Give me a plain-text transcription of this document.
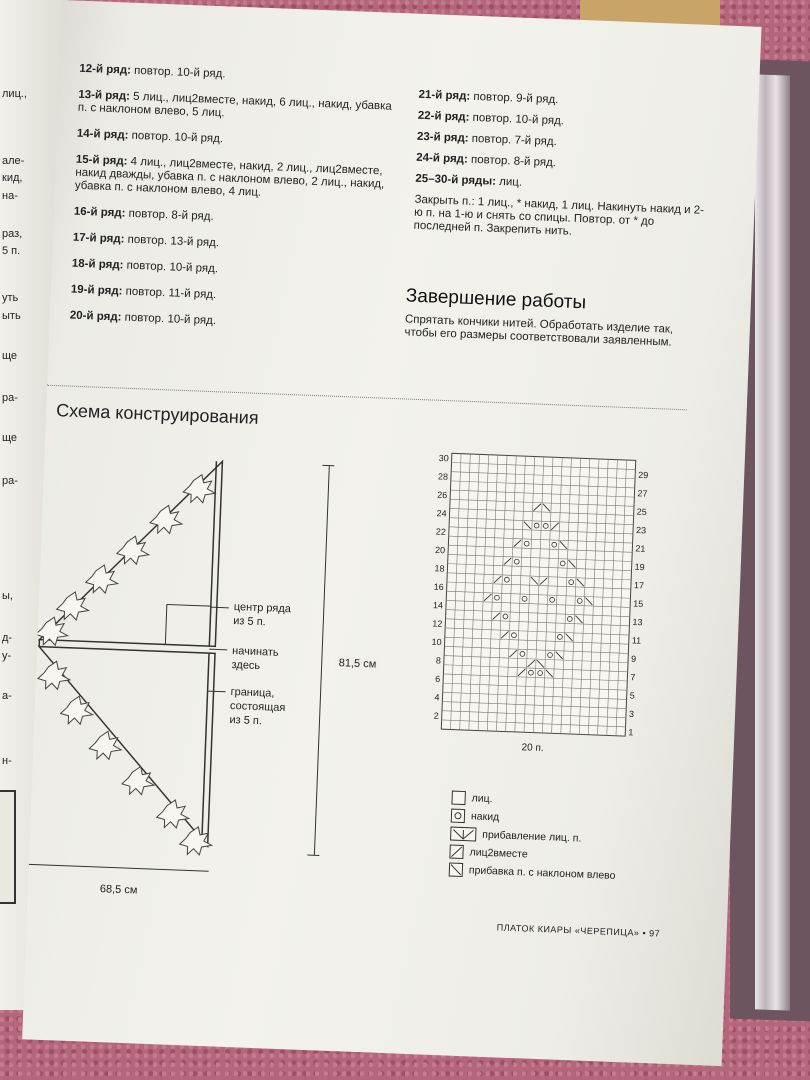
лиц.,
але-
кид,
на-
раз,
5 п.
уть
ыть
ще
ра-
ще
ра-
ы,
д-
у-
а-
н-

12-й ряд: повтор. 10-й ряд.

13-й ряд: 5 лиц., лиц2вместе, накид, 6 лиц., накид, убавка п. с наклоном влево, 5 лиц.

14-й ряд: повтор. 10-й ряд.

15-й ряд: 4 лиц., лиц2вместе, накид, 2 лиц., лиц2вместе, накид дважды, убавка п. с наклоном влево, 2 лиц., накид, убавка п. с наклоном влево, 4 лиц.

16-й ряд: повтор. 8-й ряд.

17-й ряд: повтор. 13-й ряд.

18-й ряд: повтор. 10-й ряд.

19-й ряд: повтор. 11-й ряд.

20-й ряд: повтор. 10-й ряд.

21-й ряд: повтор. 9-й ряд.

22-й ряд: повтор. 10-й ряд.

23-й ряд: повтор. 7-й ряд.

24-й ряд: повтор. 8-й ряд.

25–30-й ряды: лиц.

Закрыть п.: 1 лиц., * накид, 1 лиц. Накинуть накид и 2-ю п. на 1-ю и снять со спицы. Повтор. от * до последней п. Закрепить нить.

Завершение работы

Спрятать кончики нитей. Обработать изделие так, чтобы его размеры соответствовали заявленным.

Схема конструирования
центр ряда
из 5 п.
начинать
здесь
граница,
состоящая
из 5 п.
81,5 см
68,5 см
30
28
26
24
22
20
18
16
14
12
10
8
6
4
2
29
27
25
23
21
19
17
15
13
11
9
7
5
3
1
20 п.
лиц.
накид
прибавление лиц. п.
лиц2вместе
прибавка п. с наклоном влево
ПЛАТОК КИАРЫ «ЧЕРЕПИЦА» • 97
